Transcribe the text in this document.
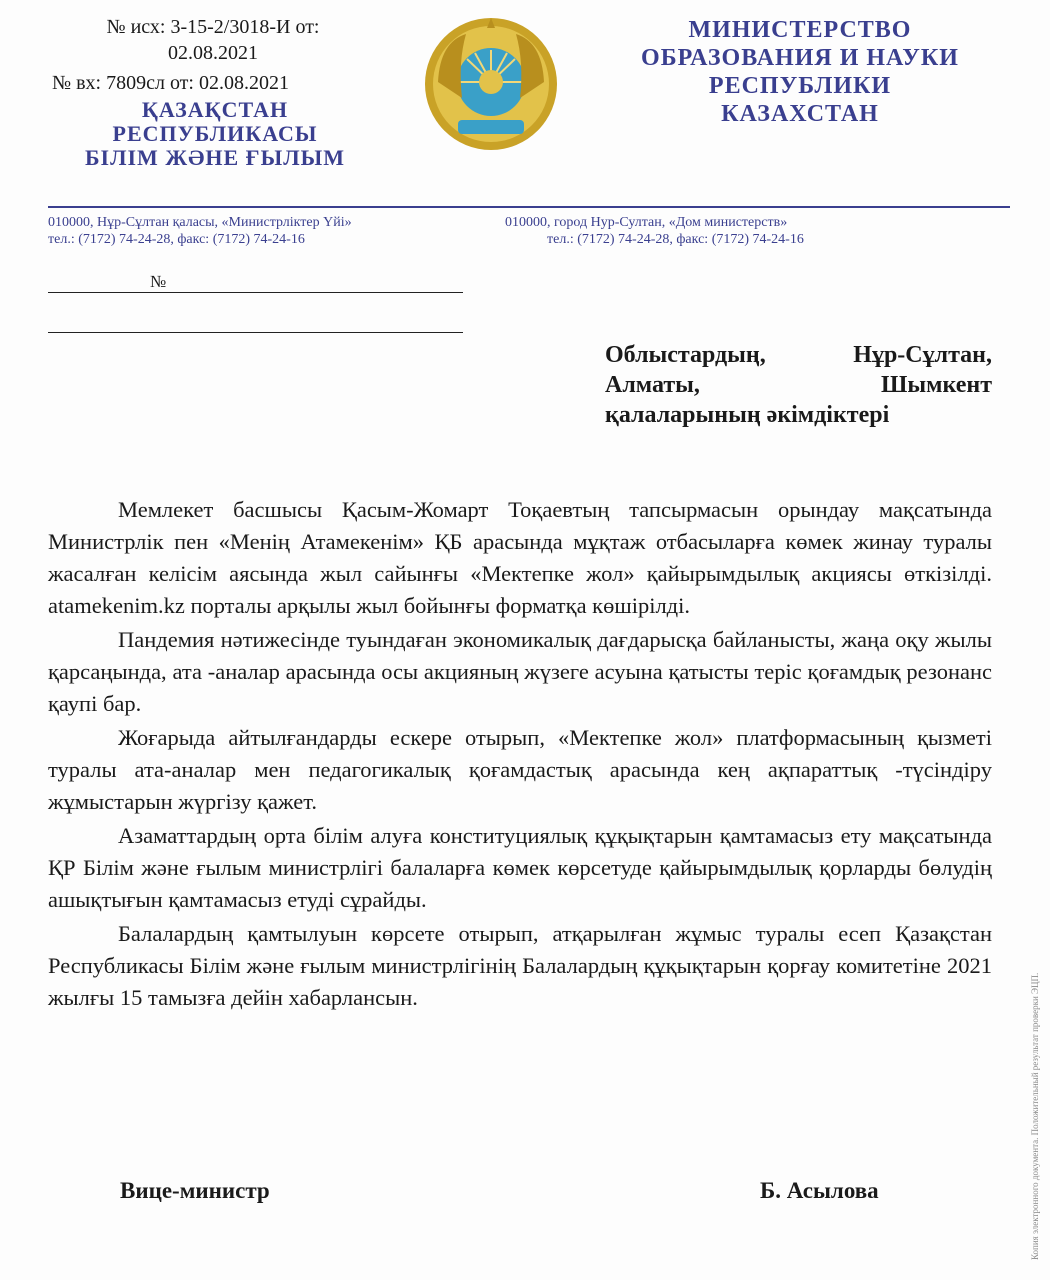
№ исх: 3-15-2/3018-И от:
02.08.2021
№ вх: 7809сл от: 02.08.2021
ҚАЗАҚСТАН
РЕСПУБЛИКАСЫ
БІЛІМ ЖӘНЕ ҒЫЛЫМ
МИНИСТЕРСТВО
ОБРАЗОВАНИЯ И НАУКИ
РЕСПУБЛИКИ
КАЗАХСТАН
010000, Нұр-Сұлтан қаласы, «Министрліктер Үйі»
тел.: (7172) 74-24-28, факс: (7172) 74-24-16
010000, город Нур-Султан, «Дом министерств»
тел.: (7172) 74-24-28, факс: (7172) 74-24-16
№
Облыстардың,	Нұр-Сұлтан,
Алматы,	Шымкент
қалаларының әкімдіктері

Мемлекет басшысы Қасым-Жомарт Тоқаевтың тапсырмасын орындау мақсатында Министрлік пен «Менің Атамекенім» ҚБ арасында мұқтаж отбасыларға көмек жинау туралы жасалған келісім аясында жыл сайынғы «Мектепке жол» қайырымдылық акциясы өткізілді. atamekenim.kz порталы арқылы жыл бойынғы форматқа көшірілді.

Пандемия нәтижесінде туындаған экономикалық дағдарысқа байланысты, жаңа оқу жылы қарсаңында, ата -аналар арасында осы акцияның жүзеге асуына қатысты теріс қоғамдық резонанс қаупі бар.

Жоғарыда айтылғандарды ескере отырып, «Мектепке жол» платформасының қызметі туралы ата-аналар мен педагогикалық қоғамдастық арасында кең ақпараттық -түсіндіру жұмыстарын жүргізу қажет.

Азаматтардың орта білім алуға конституциялық құқықтарын қамтамасыз ету мақсатында ҚР Білім және ғылым министрлігі балаларға көмек көрсетуде қайырымдылық қорларды бөлудің ашықтығын қамтамасыз етуді сұрайды.

Балалардың қамтылуын көрсете отырып, атқарылған жұмыс туралы есеп Қазақстан Республикасы Білім және ғылым министрлігінің Балалардың құқықтарын қорғау комитетіне 2021 жылғы 15 тамызға дейін хабарлансын.

Вице-министр	Б. Асылова	Копия электронного документа. Положительный результат проверки ЭЦП.
